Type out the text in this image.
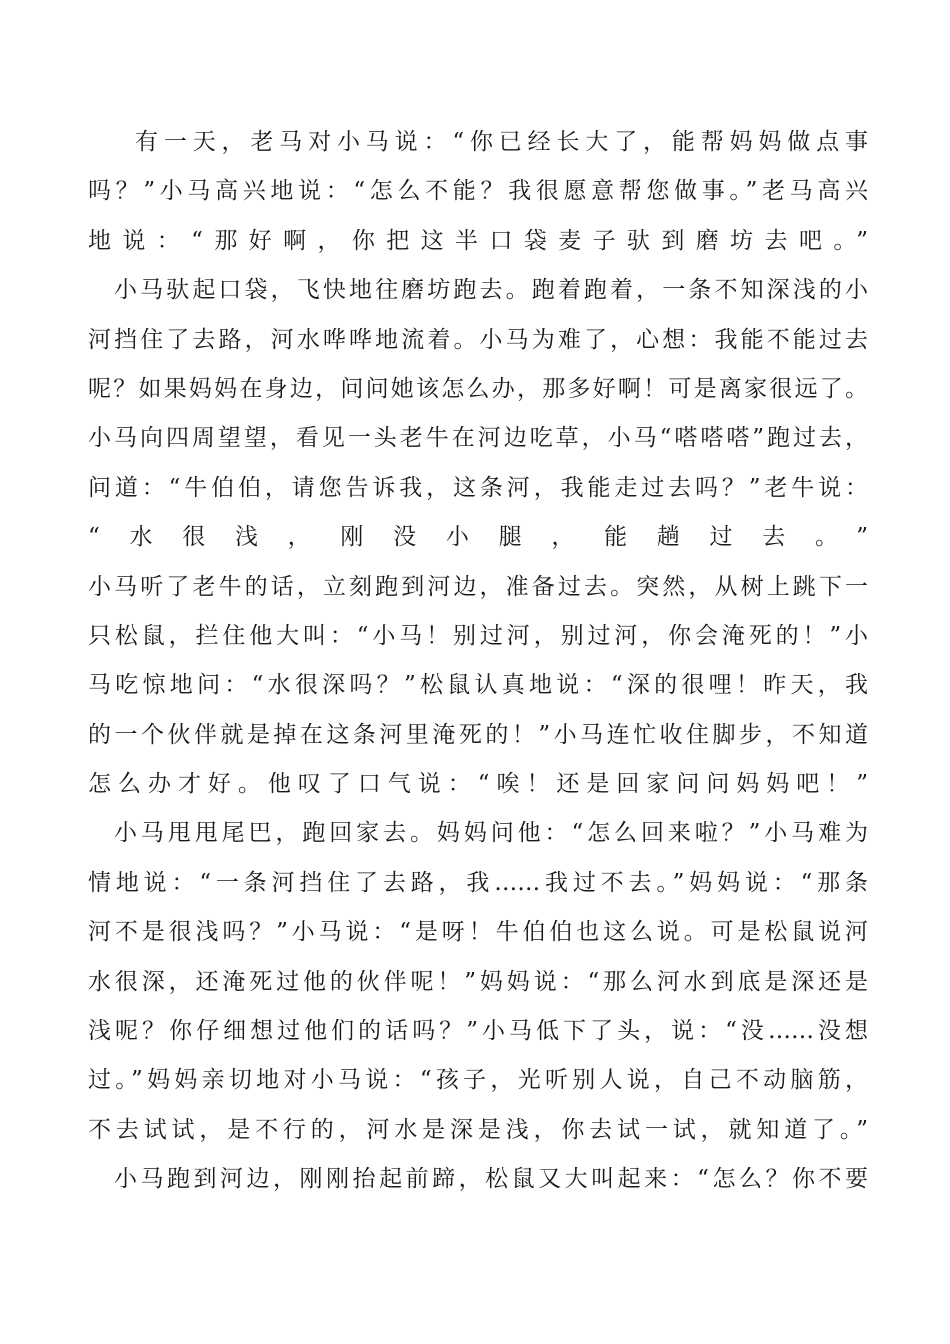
有一天，老马对小马说：“你已经长大了，能帮妈妈做点事
吗？”小马高兴地说：“怎么不能？我很愿意帮您做事。”老马高兴
地说：“那好啊，你把这半口袋麦子驮到磨坊去吧。”
小马驮起口袋，飞快地往磨坊跑去。跑着跑着，一条不知深浅的小
河挡住了去路，河水哗哗地流着。小马为难了，心想：我能不能过去
呢？如果妈妈在身边，问问她该怎么办，那多好啊！可是离家很远了。
小马向四周望望，看见一头老牛在河边吃草，小马“嗒嗒嗒”跑过去，
问道：“牛伯伯，请您告诉我，这条河，我能走过去吗？”老牛说：
“水很浅，刚没小腿，能趟过去。”
小马听了老牛的话，立刻跑到河边，准备过去。突然，从树上跳下一
只松鼠，拦住他大叫：“小马！别过河，别过河，你会淹死的！”小
马吃惊地问：“水很深吗？”松鼠认真地说：“深的很哩！昨天，我
的一个伙伴就是掉在这条河里淹死的！”小马连忙收住脚步，不知道
怎么办才好。他叹了口气说：“唉！还是回家问问妈妈吧！”
小马甩甩尾巴，跑回家去。妈妈问他：“怎么回来啦？”小马难为
情地说：“一条河挡住了去路，我……我过不去。”妈妈说：“那条
河不是很浅吗？”小马说：“是呀！牛伯伯也这么说。可是松鼠说河
水很深，还淹死过他的伙伴呢！”妈妈说：“那么河水到底是深还是
浅呢？你仔细想过他们的话吗？”小马低下了头，说：“没……没想
过。”妈妈亲切地对小马说：“孩子，光听别人说，自己不动脑筋，
不去试试，是不行的，河水是深是浅，你去试一试，就知道了。”
小马跑到河边，刚刚抬起前蹄，松鼠又大叫起来：“怎么？你不要
